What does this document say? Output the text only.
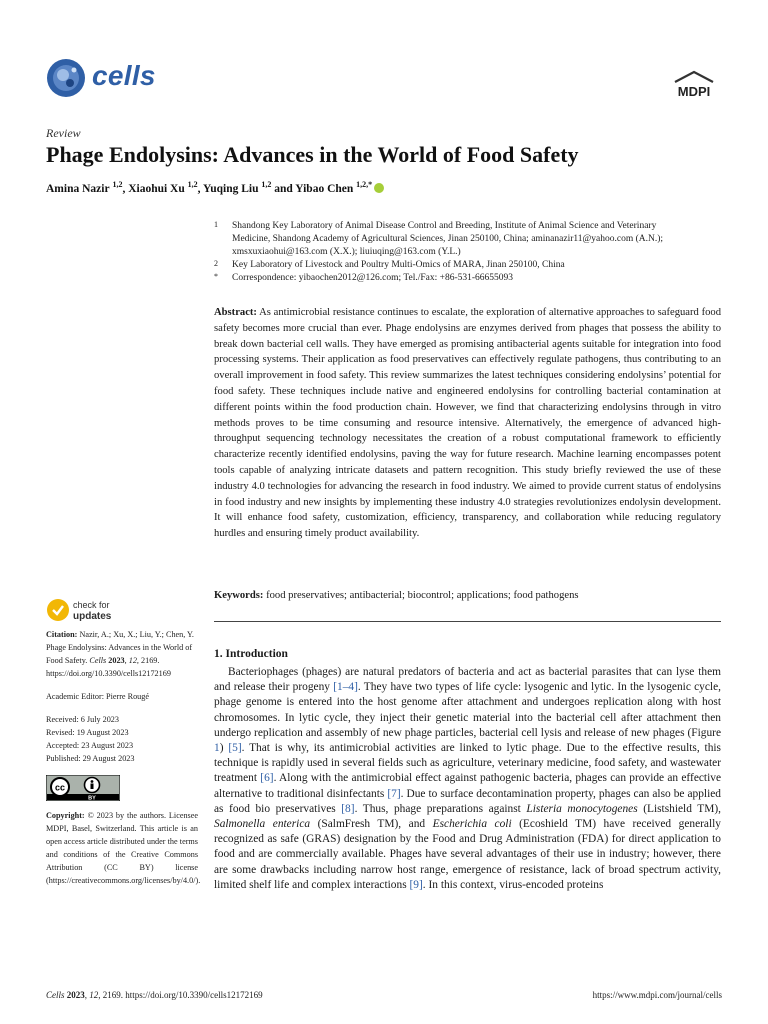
cells
MDPI
Review
Phage Endolysins: Advances in the World of Food Safety
Amina Nazir $^{1,2}$, Xiaohui Xu $^{1,2}$, Yuqing Liu $^{1,2}$ and Yibao Chen $^{1,2,*}$
1 Shandong Key Laboratory of Animal Disease Control and Breeding, Institute of Animal Science and Veterinary Medicine, Shandong Academy of Agricultural Sciences, Jinan 250100, China; aminanazir11@yahoo.com (A.N.); xmsxuxiaohui@163.com (X.X.); liuiuqing@163.com (Y.L.)
2 Key Laboratory of Livestock and Poultry Multi-Omics of MARA, Jinan 250100, China
* Correspondence: yibaochen2012@126.com; Tel./Fax: +86-531-66655093
Abstract: As antimicrobial resistance continues to escalate, the exploration of alternative approaches to safeguard food safety becomes more crucial than ever. Phage endolysins are enzymes derived from phages that possess the ability to break down bacterial cell walls. They have emerged as promising antibacterial agents suitable for integration into food processing systems. Their application as food preservatives can effectively regulate pathogens, thus contributing to an overall improvement in food safety. This review summarizes the latest techniques considering endolysins’ potential for food safety. These techniques include native and engineered endolysins for controlling bacterial contamination at different points within the food production chain. However, we find that characterizing endolysins through in vitro methods proves to be time consuming and resource intensive. Alternatively, the emergence of advanced high-throughput sequencing technology necessitates the creation of a robust computational framework to efficiently characterize recently identified endolysins, paving the way for future research. Machine learning encompasses potent tools capable of analyzing intricate datasets and pattern recognition. This study briefly reviewed the use of these industry 4.0 technologies for advancing the research in food industry. We aimed to provide current status of endolysins in food industry and new insights by implementing these industry 4.0 strategies revolutionizes endolysin development. It will enhance food safety, customization, efficiency, transparency, and collaboration while reducing regulatory hurdles and ensuring timely product availability.
Keywords: food preservatives; antibacterial; biocontrol; applications; food pathogens
check for
updates
Citation: Nazir, A.; Xu, X.; Liu, Y.; Chen, Y. Phage Endolysins: Advances in the World of Food Safety. Cells 2023, 12, 2169. https://doi.org/10.3390/cells12172169
Academic Editor: Pierre Rougé
Received: 6 July 2023
Revised: 19 August 2023
Accepted: 23 August 2023
Published: 29 August 2023
cc
BY
Copyright: © 2023 by the authors. Licensee MDPI, Basel, Switzerland. This article is an open access article distributed under the terms and conditions of the Creative Commons Attribution (CC BY) license (https://creativecommons.org/licenses/by/4.0/).
1. Introduction
Bacteriophages (phages) are natural predators of bacteria and act as bacterial parasites that can lyse them and release their progeny [1–4]. They have two types of life cycle: lysogenic and lytic. In the lysogenic cycle, phage genome is entered into the host genome after attachment and undergoes replication along with host chromosomes. In lytic cycle, they inject their genetic material into the bacterial cell after attachment then undergo replication and assembly of new phage particles, bacterial cell lysis and release of new phages (Figure 1) [5]. That is why, its antimicrobial activities are linked to lytic phage. Due to the effective results, this technique is rapidly used in several fields such as agriculture, veterinary medicine, food safety, and wastewater treatment [6]. Along with the antimicrobial effect against pathogenic bacteria, phages can provide an effective alternative to traditional disinfectants [7]. Due to surface decontamination property, phages can also be applied as food bio preservatives [8]. Thus, phage preparations against Listeria monocytogenes (Listshield TM), Salmonella enterica (SalmFresh TM), and Escherichia coli (Ecoshield TM) have received generally recognized as safe (GRAS) designation by the Food and Drug Administration (FDA) for direct application to food and are commercially available. Phages have several advantages of their use in industry; however, there are some drawbacks including narrow host range, emergence of resistance, lack of broad spectrum activity, limited shelf life and complex interactions [9]. In this context, virus-encoded proteins
Cells 2023, 12, 2169. https://doi.org/10.3390/cells12172169	https://www.mdpi.com/journal/cells
